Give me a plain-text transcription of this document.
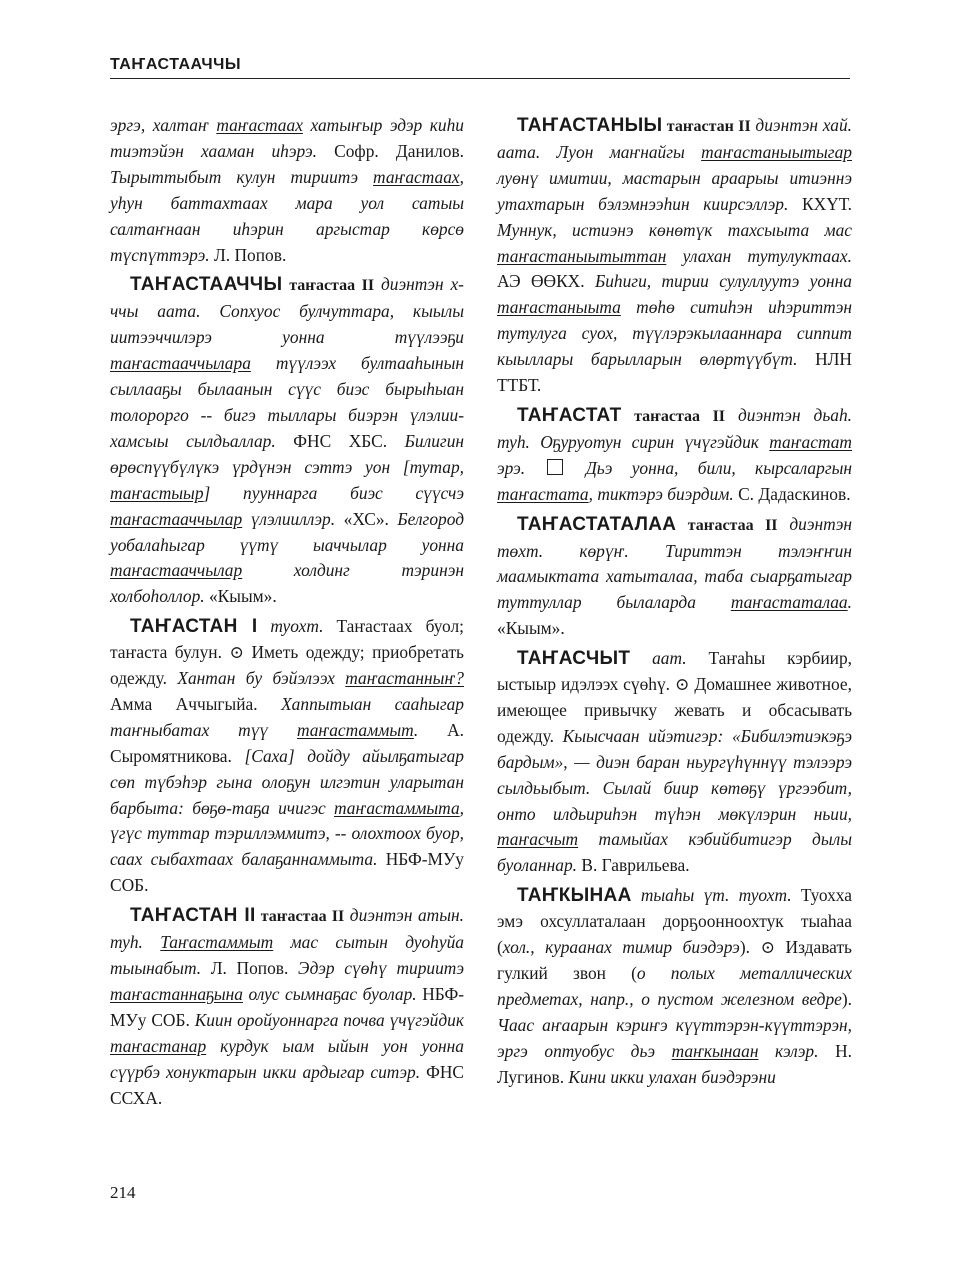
ТАҤАСТААЧЧЫ

эргэ, халтаҥ таҥастаах хатыҥыр эдэр киһи тиэтэйэн хааман иһэрэ. Софр. Данилов. Тырыттыбыт кулун тириитэ таҥастаах, уһун баттахтаах мара уол сатыы салтаҥнаан иһэрин аргыстар көрсө түспүттэрэ. Л. Попов.

ТАҤАСТААЧЧЫ таҥастаа II диэнтэн х-ччы аата. Сопхуос булчуттара, кыылы иитээччилэрэ уонна түүлээҕи таҥастааччылара түүлээх бултааһынын сыллааҕы былаанын сүүс биэс бырыһыан толорорго -- бигэ тыллары биэрэн үлэлии-хамсыы сылдьаллар. ФНС ХБС. Билигин өрөспүүбүлүкэ үрдүнэн сэттэ уон [тутар, таҥастыыр] пууннарга биэс сүүсчэ таҥастааччылар үлэлииллэр. «ХС». Белгород уобалаһыгар үүтү ыаччылар уонна таҥастааччылар холдинг тэринэн холбоһоллор. «Кыым».

ТАҤАСТАН I туохт. Таҥастаах буол; таҥаста булун. ⊙ Иметь одежду; приобретать одежду. Хантан бу бэйэлээх таҥастанныҥ? Амма Аччыгыйа. Хаппытыан сааһыгар таҥныбатах түү таҥастаммыт. А. Сыромятникова. [Саха] дойду айылҕатыгар сөп түбэһэр гына олоҕун илгэтин уларытан барбыта: бөҕө-таҕа ичигэс таҥастаммыта, үгүс туттар тэриллэммитэ, -- олохтоох буор, саах сыбахтаах балаҕаннаммыта. НБФ-МУу СОБ.

ТАҤАСТАН II таҥастаа II диэнтэн атын. туһ. Таҥастаммыт мас сытын дуоһуйа тыынабыт. Л. Попов. Эдэр сүөһү тириитэ таҥастаннаҕына олус сымнаҕас буолар. НБФ-МУу СОБ. Киин оройуоннарга почва үчүгэйдик таҥастанар курдук ыам ыйын уон уонна сүүрбэ хонуктарын икки ардыгар ситэр. ФНС ССХА.

ТАҤАСТАНЫЫ таҥастан II диэнтэн хай. аата. Луон маҥнайгы таҥастаныытыгар луөнү имитии, мастарын араарыы итиэннэ утахтарын бэлэмнээһин киирсэллэр. КХҮТ. Муннук, истиэнэ көнөтүк тахсыыта мас таҥастаныытыттан улахан тутулуктаах. АЭ ӨӨКХ. Биһиги, тирии сулуллуутэ уонна таҥастаныыта төһө ситиһэн иһэриттэн тутулуга суох, түүлэрэкылааннара сиппит кыыллары барылларын өлөртүүбүт. НЛН ТТБТ.

ТАҤАСТАТ таҥастаа II диэнтэн дьаһ. туһ. Оҕуруотун сирин үчүгэйдик таҥастат эрэ.  Дьэ уонна, били, кырсаларгын таҥастата, тиктэрэ биэрдим. С. Дадаскинов.

ТАҤАСТАТАЛАА таҥастаа II диэнтэн төхт. көрүҥ. Тириттэн тэлэҥҥин маамыктата хатыталаа, таба сыарҕатыгар туттуллар былаларда таҥастаталаа. «Кыым».

ТАҤАСЧЫТ аат. Таҥаһы кэрбиир, ыстыыр идэлээх сүөһү. ⊙ Домашнее животное, имеющее привычку жевать и обсасывать одежду. Кыысчаан ийэтигэр: «Бибилэтиэкэҕэ бардым», — диэн баран ньургүһүннүү тэлээрэ сылдьыбыт. Сылай биир көтөҕү үргээбит, онто илдьириһэн түһэн мөкүлэрин ньии, таҥасчыт тамыйах кэбийбитигэр дылы буоланнар. В. Гаврильева.

ТАҤКЫНАА тыаһы үт. туохт. Туохха эмэ охсуллаталаан дорҕоонноохтук тыаһаа (хол., кураанах тимир биэдэрэ). ⊙ Издавать гулкий звон (о полых металлических предметах, напр., о пустом железном ведре). Чаас аҥаарын кэриҥэ күүттэрэн-күүттэрэн, эргэ оптуобус дьэ таҥкынаан кэлэр. Н. Лугинов. Кини икки улахан биэдэрэни

214
